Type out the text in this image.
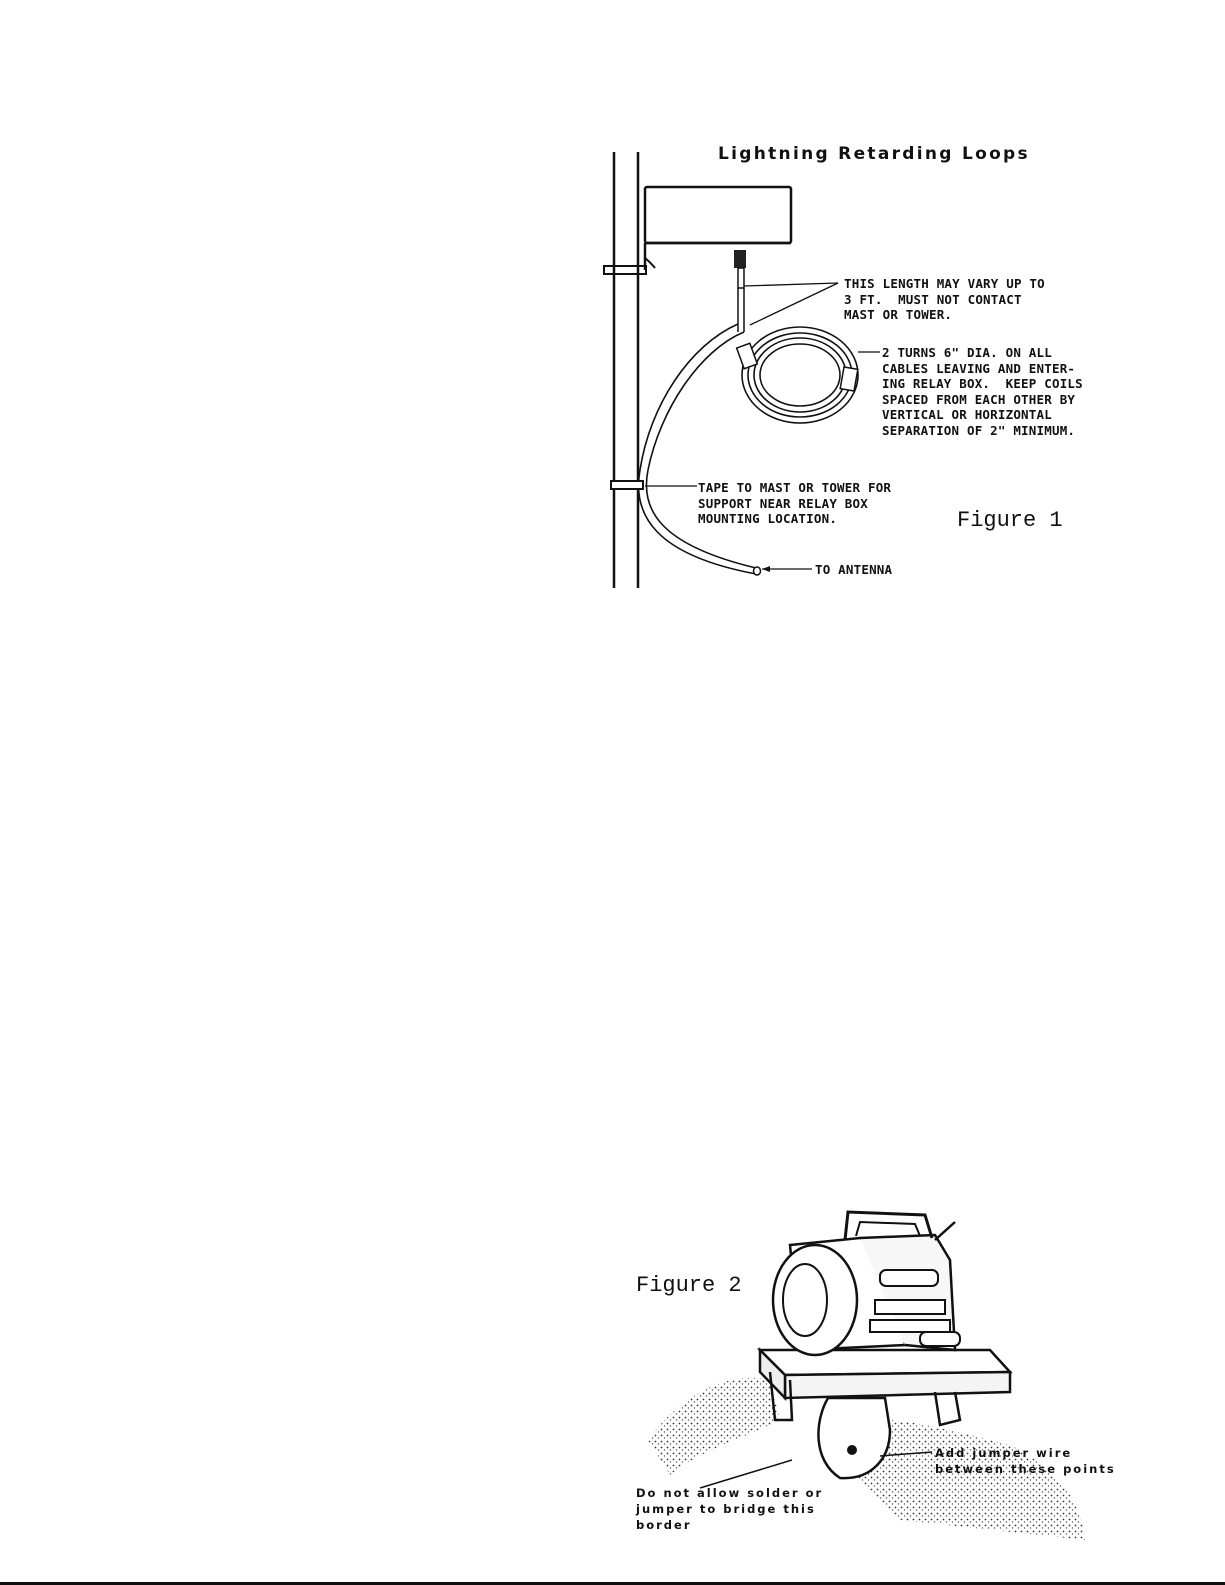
Lightning Retarding Loops
THIS LENGTH MAY VARY UP TO
3 FT.  MUST NOT CONTACT
MAST OR TOWER.
2 TURNS 6" DIA. ON ALL
CABLES LEAVING AND ENTER-
ING RELAY BOX.  KEEP COILS
SPACED FROM EACH OTHER BY
VERTICAL OR HORIZONTAL
SEPARATION OF 2" MINIMUM.
TAPE TO MAST OR TOWER FOR
SUPPORT NEAR RELAY BOX
MOUNTING LOCATION.
TO ANTENNA
Figure 1
Figure 2
Add jumper wire
between these points
Do not allow solder or
jumper to bridge this
border
